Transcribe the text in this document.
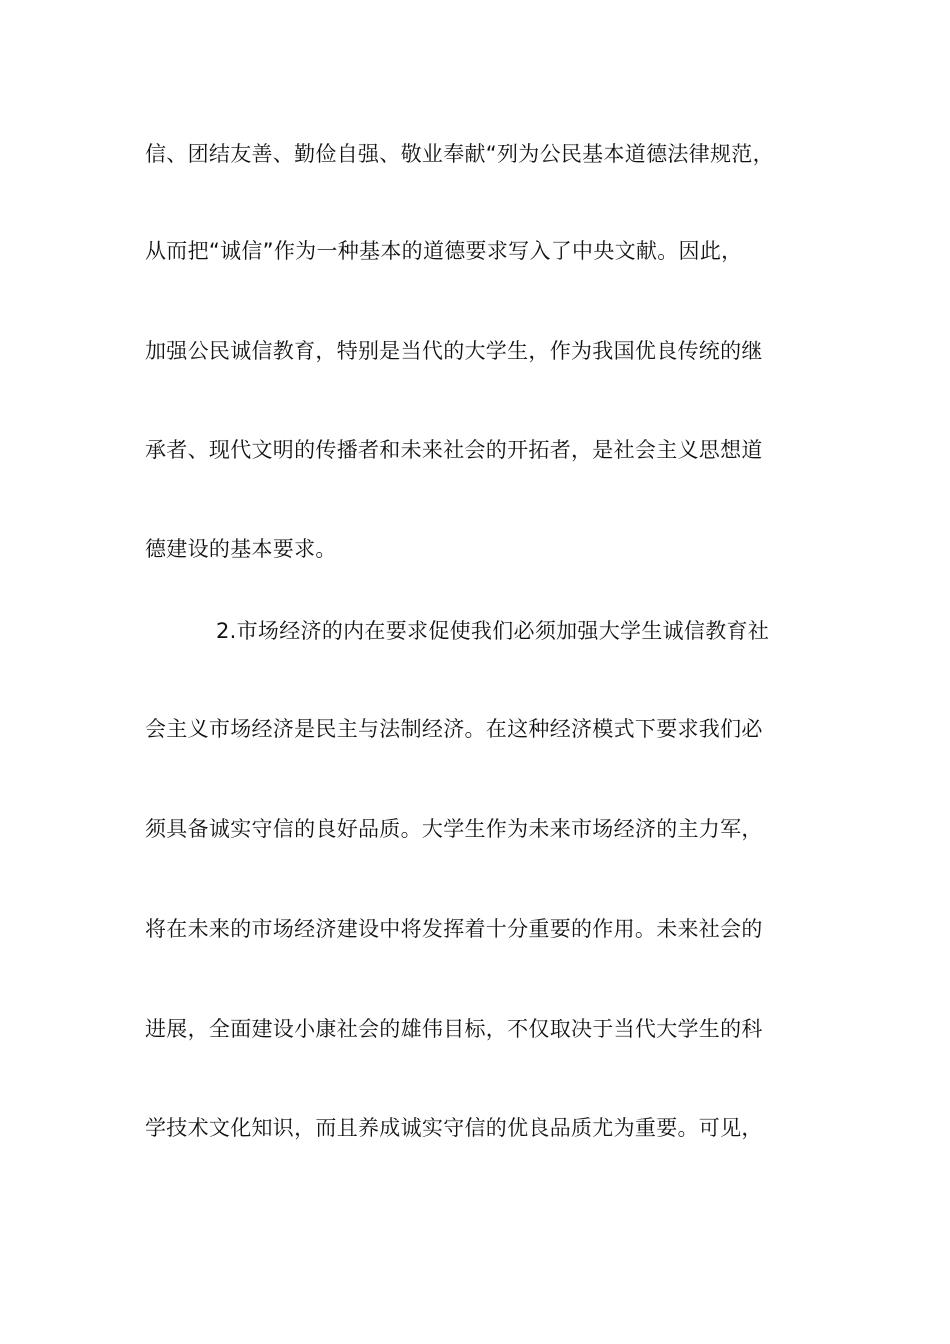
信、团结友善、勤俭自强、敬业奉献“列为公民基本道德法律规范，
从而把“诚信”作为一种基本的道德要求写入了中央文献。因此，
加强公民诚信教育，特别是当代的大学生，作为我国优良传统的继
承者、现代文明的传播者和未来社会的开拓者，是社会主义思想道
德建设的基本要求。
2.市场经济的内在要求促使我们必须加强大学生诚信教育社
会主义市场经济是民主与法制经济。在这种经济模式下要求我们必
须具备诚实守信的良好品质。大学生作为未来市场经济的主力军，
将在未来的市场经济建设中将发挥着十分重要的作用。未来社会的
进展，全面建设小康社会的雄伟目标，不仅取决于当代大学生的科
学技术文化知识，而且养成诚实守信的优良品质尤为重要。可见，
